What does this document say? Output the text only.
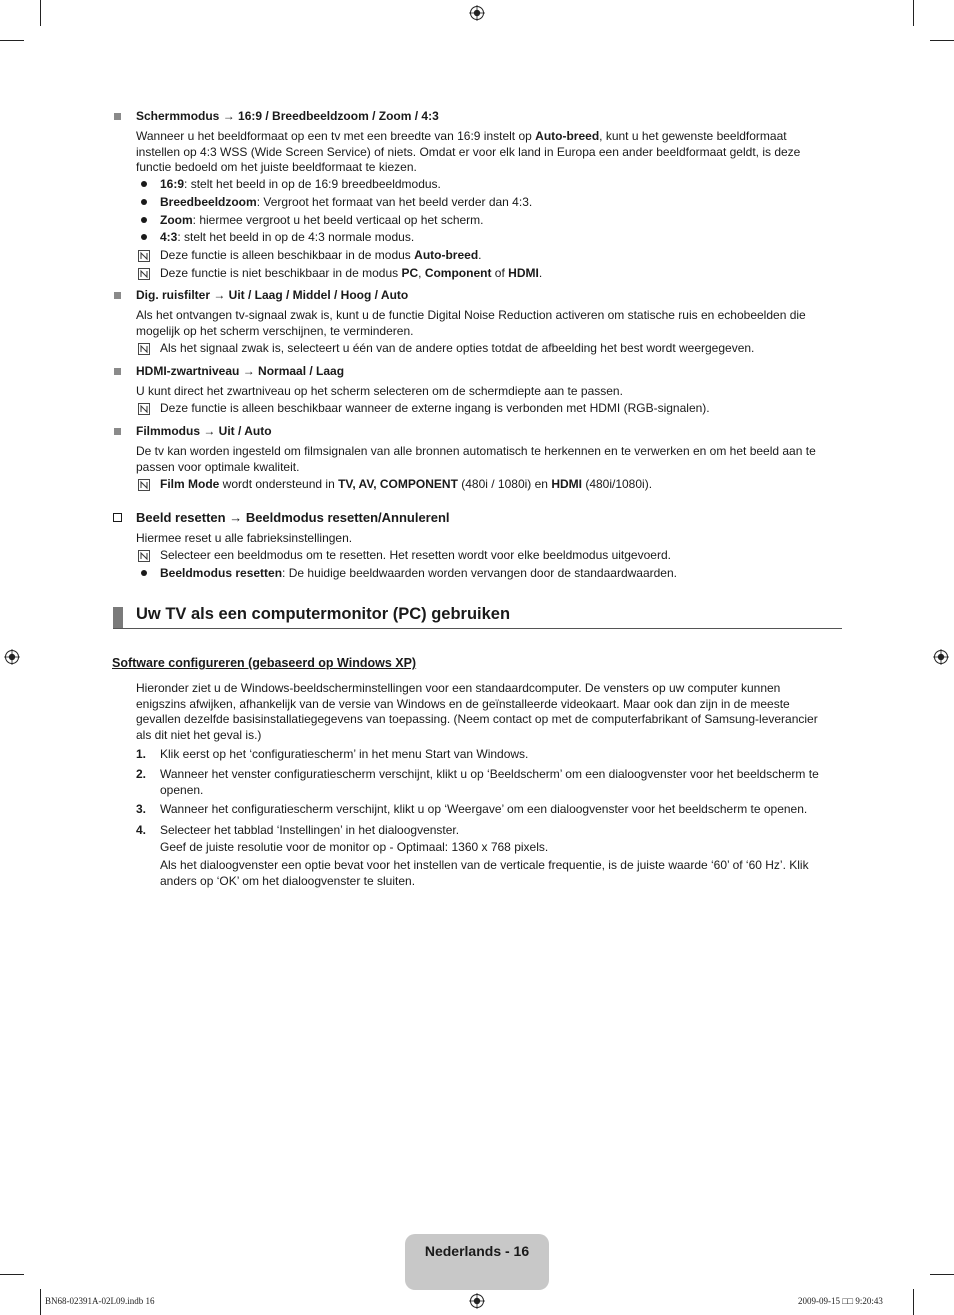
Schermmodus → 16:9 / Breedbeeldzoom / Zoom / 4:3
Wanneer u het beeldformaat op een tv met een breedte van 16:9 instelt op Auto-breed, kunt u het gewenste beeldformaat
instellen op 4:3 WSS (Wide Screen Service) of niets. Omdat er voor elk land in Europa een ander beeldformaat geldt, is deze
functie bedoeld om het juiste beeldformaat te kiezen.
16:9: stelt het beeld in op de 16:9 breedbeeldmodus.
Breedbeeldzoom: Vergroot het formaat van het beeld verder dan 4:3.
Zoom: hiermee vergroot u het beeld verticaal op het scherm.
4:3: stelt het beeld in op de 4:3 normale modus.
Deze functie is alleen beschikbaar in de modus Auto-breed.
Deze functie is niet beschikbaar in de modus PC, Component of HDMI.
Dig. ruisfilter → Uit / Laag / Middel / Hoog / Auto
Als het ontvangen tv-signaal zwak is, kunt u de functie Digital Noise Reduction activeren om statische ruis en echobeelden die
mogelijk op het scherm verschijnen, te verminderen.
Als het signaal zwak is, selecteert u één van de andere opties totdat de afbeelding het best wordt weergegeven.
HDMI-zwartniveau → Normaal / Laag
U kunt direct het zwartniveau op het scherm selecteren om de schermdiepte aan te passen.
Deze functie is alleen beschikbaar wanneer de externe ingang is verbonden met HDMI (RGB-signalen).
Filmmodus → Uit / Auto
De tv kan worden ingesteld om filmsignalen van alle bronnen automatisch te herkennen en te verwerken en om het beeld aan te
passen voor optimale kwaliteit.
Film Mode wordt ondersteund in TV, AV, COMPONENT (480i / 1080i) en HDMI (480i/1080i).
Beeld resetten → Beeldmodus resetten/Annulerenl
Hiermee reset u alle fabrieksinstellingen.
Selecteer een beeldmodus om te resetten. Het resetten wordt voor elke beeldmodus uitgevoerd.
Beeldmodus resetten: De huidige beeldwaarden worden vervangen door de standaardwaarden.
Uw TV als een computermonitor (PC) gebruiken
Software configureren (gebaseerd op Windows XP)
Hieronder ziet u de Windows-beeldscherminstellingen voor een standaardcomputer. De vensters op uw computer kunnen
enigszins afwijken, afhankelijk van de versie van Windows en de geïnstalleerde videokaart. Maar ook dan zijn in de meeste
gevallen dezelfde basisinstallatiegegevens van toepassing. (Neem contact op met de computerfabrikant of Samsung-leverancier
als dit niet het geval is.)
1. Klik eerst op het ‘configuratiescherm’ in het menu Start van Windows.
2. Wanneer het venster configuratiescherm verschijnt, klikt u op ‘Beeldscherm’ om een dialoogvenster voor het beeldscherm te
openen.
3. Wanneer het configuratiescherm verschijnt, klikt u op ‘Weergave’ om een dialoogvenster voor het beeldscherm te openen.
4. Selecteer het tabblad ‘Instellingen’ in het dialoogvenster.
Geef de juiste resolutie voor de monitor op - Optimaal: 1360 x 768 pixels.
Als het dialoogvenster een optie bevat voor het instellen van de verticale frequentie, is de juiste waarde ‘60’ of ‘60 Hz’. Klik
anders op ‘OK’ om het dialoogvenster te sluiten.
Nederlands - 16
BN68-02391A-02L09.indb 16	2009-09-15 □□ 9:20:43
